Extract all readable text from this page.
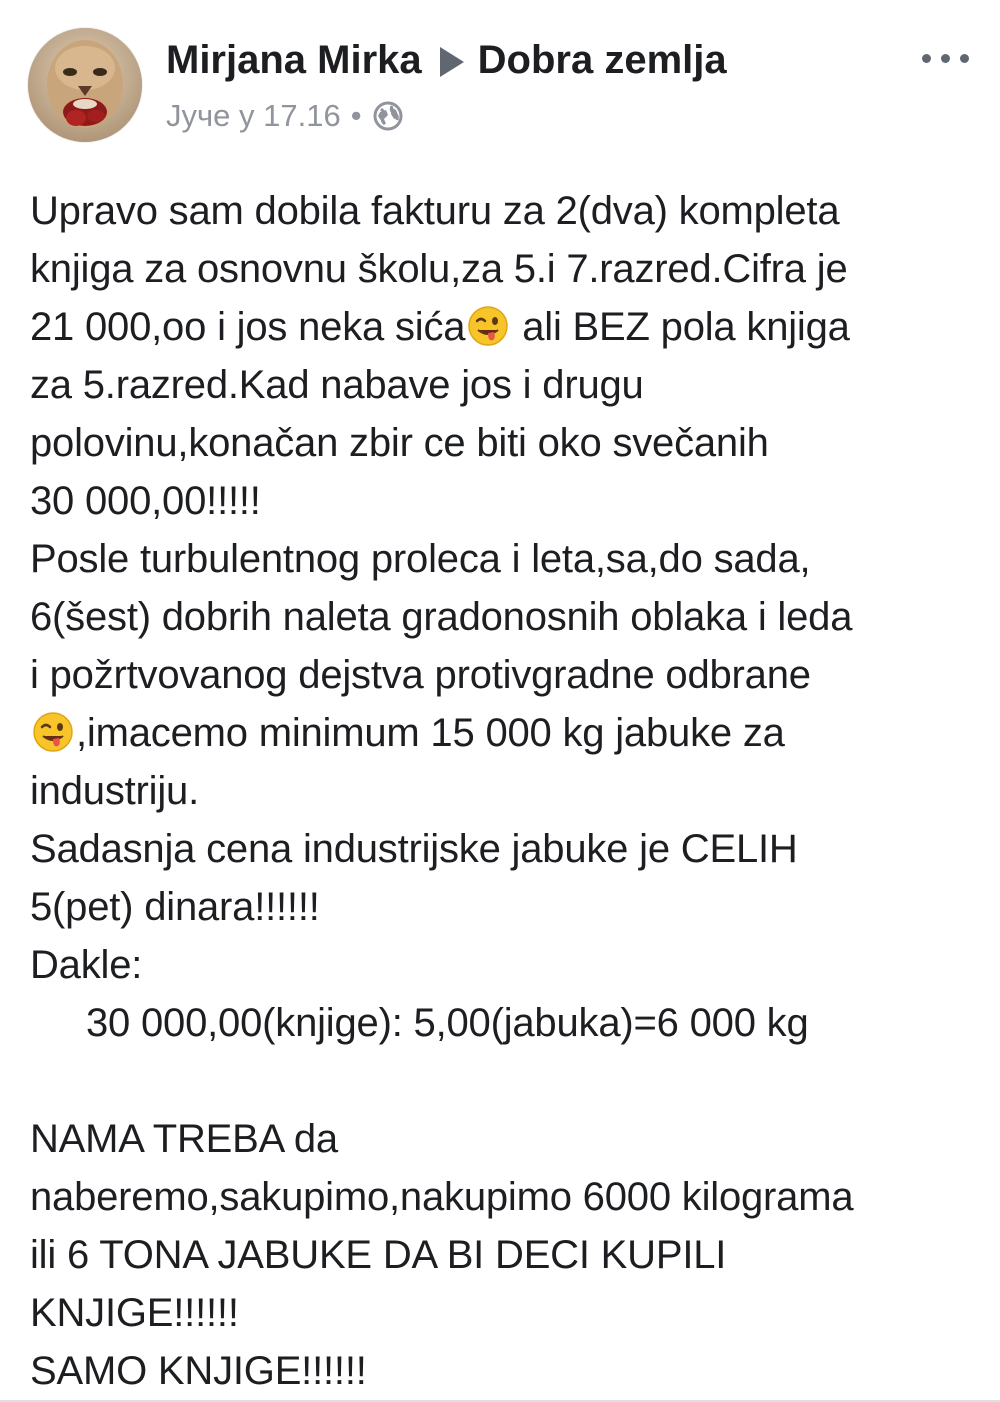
Mirjana Mirka Dobra zemlja
Јуче у 17.16 •
Upravo sam dobila fakturu za 2(dva) kompleta
knjiga za osnovnu školu,za 5.i 7.razred.Cifra je
21 000,oo i jos neka sića ali BEZ pola knjiga
za 5.razred.Kad nabave jos i drugu
polovinu,konačan zbir ce biti oko svečanih
30 000,00!!!!!
Posle turbulentnog proleca i leta,sa,do sada,
6(šest) dobrih naleta gradonosnih oblaka i leda
i požrtvovanog dejstva protivgradne odbrane
,imacemo minimum 15 000 kg jabuke za
industriju.
Sadasnja cena industrijske jabuke je CELIH
5(pet) dinara!!!!!!
Dakle:
30 000,00(knjige): 5,00(jabuka)=6 000 kg
NAMA TREBA da
naberemo,sakupimo,nakupimo 6000 kilograma
ili 6 TONA JABUKE DA BI DECI KUPILI
KNJIGE!!!!!!
SAMO KNJIGE!!!!!!
